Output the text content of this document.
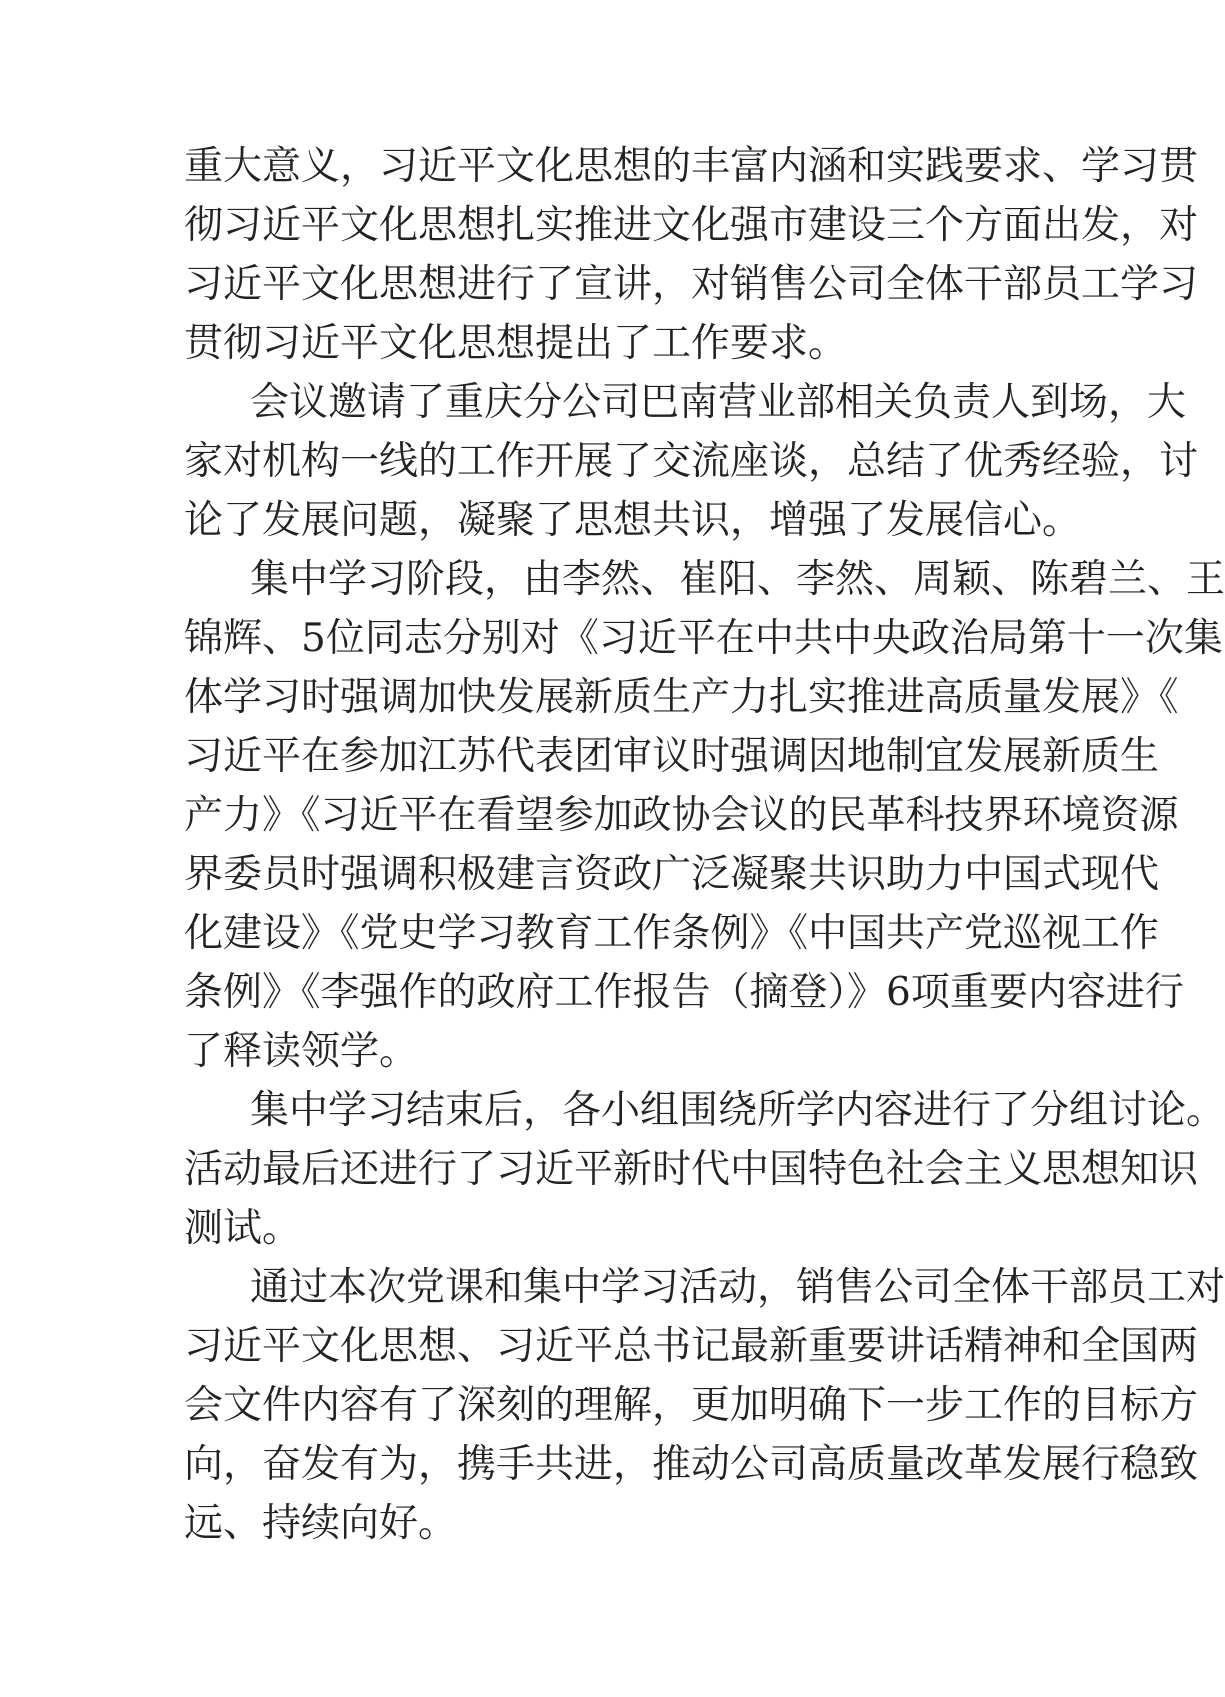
重大意义，习近平文化思想的丰富内涵和实践要求、学习贯
彻习近平文化思想扎实推进文化强市建设三个方面出发，对
习近平文化思想进行了宣讲，对销售公司全体干部员工学习
贯彻习近平文化思想提出了工作要求。
会议邀请了重庆分公司巴南营业部相关负责人到场，大
家对机构一线的工作开展了交流座谈，总结了优秀经验，讨
论了发展问题，凝聚了思想共识，增强了发展信心。
集中学习阶段，由李然、崔阳、李然、周颖、陈碧兰、王
锦辉、5位同志分别对《习近平在中共中央政治局第十一次集
体学习时强调加快发展新质生产力扎实推进高质量发展》《
习近平在参加江苏代表团审议时强调因地制宜发展新质生
产力》《习近平在看望参加政协会议的民革科技界环境资源
界委员时强调积极建言资政广泛凝聚共识助力中国式现代
化建设》《党史学习教育工作条例》《中国共产党巡视工作
条例》《李强作的政府工作报告（摘登）》6项重要内容进行
了释读领学。
集中学习结束后，各小组围绕所学内容进行了分组讨论。
活动最后还进行了习近平新时代中国特色社会主义思想知识
测试。
通过本次党课和集中学习活动，销售公司全体干部员工对
习近平文化思想、习近平总书记最新重要讲话精神和全国两
会文件内容有了深刻的理解，更加明确下一步工作的目标方
向，奋发有为，携手共进，推动公司高质量改革发展行稳致
远、持续向好。
